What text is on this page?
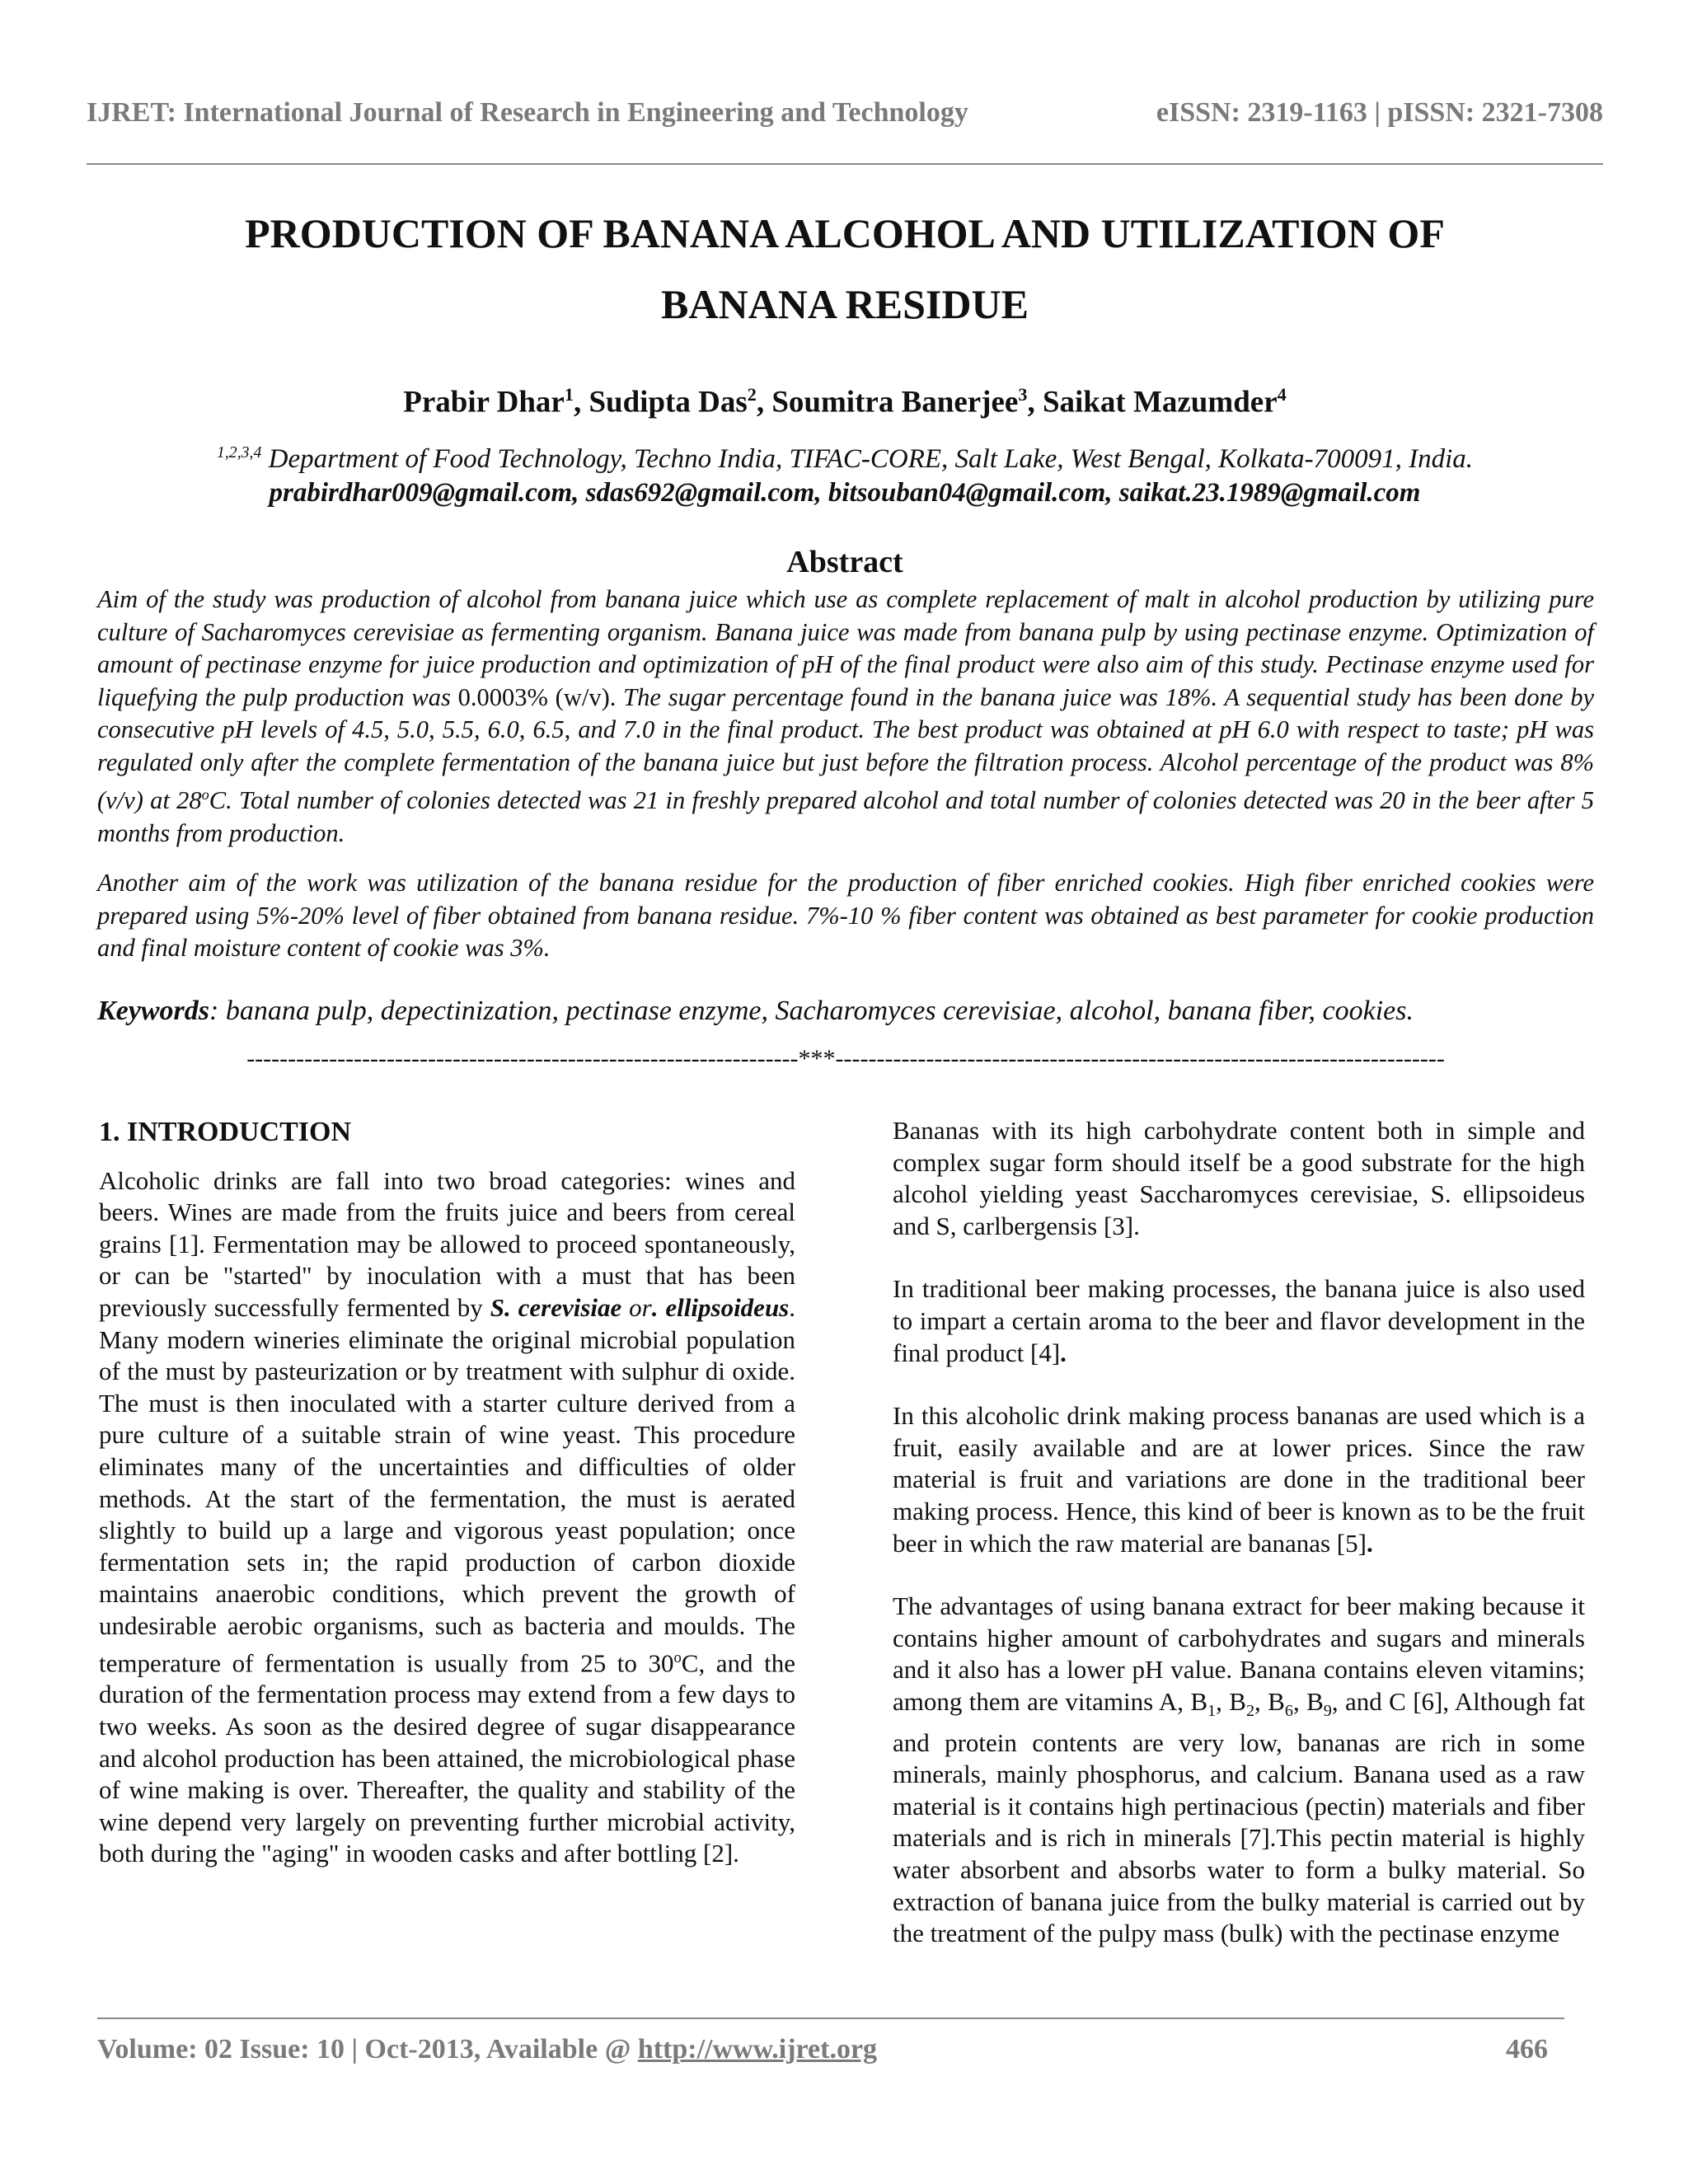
IJRET: International Journal of Research in Engineering and Technology	eISSN: 2319-1163 | pISSN: 2321-7308
PRODUCTION OF BANANA ALCOHOL AND UTILIZATION OF
BANANA RESIDUE
Prabir Dhar$^1$, Sudipta Das$^2$, Soumitra Banerjee$^3$, Saikat Mazumder$^4$
$^{1,2,3,4}$ Department of Food Technology, Techno India, TIFAC-CORE, Salt Lake, West Bengal, Kolkata-700091, India.
prabirdhar009@gmail.com, sdas692@gmail.com, bitsouban04@gmail.com, saikat.23.1989@gmail.com
Abstract

Aim of the study was production of alcohol from banana juice which use as complete replacement of malt in alcohol production by utilizing pure culture of Sacharomyces cerevisiae as fermenting organism. Banana juice was made from banana pulp by using pectinase enzyme. Optimization of amount of pectinase enzyme for juice production and optimization of pH of the final product were also aim of this study. Pectinase enzyme used for liquefying the pulp production was 0.0003% (w/v). The sugar percentage found in the banana juice was 18%. A sequential study has been done by consecutive pH levels of 4.5, 5.0, 5.5, 6.0, 6.5, and 7.0 in the final product. The best product was obtained at pH 6.0 with respect to taste; pH was regulated only after the complete fermentation of the banana juice but just before the filtration process. Alcohol percentage of the product was 8% (v/v) at 28$^o$C. Total number of colonies detected was 21 in freshly prepared alcohol and total number of colonies detected was 20 in the beer after 5 months from production.

Another aim of the work was utilization of the banana residue for the production of fiber enriched cookies. High fiber enriched cookies were prepared using 5%-20% level of fiber obtained from banana residue. 7%-10 % fiber content was obtained as best parameter for cookie production and final moisture content of cookie was 3%.

Keywords: banana pulp, depectinization, pectinase enzyme, Sacharomyces cerevisiae, alcohol, banana fiber, cookies.
-------------------------------------------------------------------***--------------------------------------------------------------------------
1. INTRODUCTION

Alcoholic drinks are fall into two broad categories: wines and beers. Wines are made from the fruits juice and beers from cereal grains [1]. Fermentation may be allowed to proceed spontaneously, or can be "started" by inoculation with a must that has been previously successfully fermented by S. cerevisiae or. ellipsoideus. Many modern wineries eliminate the original microbial population of the must by pasteurization or by treatment with sulphur di oxide. The must is then inoculated with a starter culture derived from a pure culture of a suitable strain of wine yeast. This procedure eliminates many of the uncertainties and difficulties of older methods. At the start of the fermentation, the must is aerated slightly to build up a large and vigorous yeast population; once fermentation sets in; the rapid production of carbon dioxide maintains anaerobic conditions, which prevent the growth of undesirable aerobic organisms, such as bacteria and moulds. The temperature of fermentation is usually from 25 to 30$^o$C, and the duration of the fermentation process may extend from a few days to two weeks. As soon as the desired degree of sugar disappearance and alcohol production has been attained, the microbiological phase of wine making is over. Thereafter, the quality and stability of the wine depend very largely on preventing further microbial activity, both during the "aging" in wooden casks and after bottling [2].

Bananas with its high carbohydrate content both in simple and complex sugar form should itself be a good substrate for the high alcohol yielding yeast Saccharomyces cerevisiae, S. ellipsoideus and S, carlbergensis [3].

In traditional beer making processes, the banana juice is also used to impart a certain aroma to the beer and flavor development in the final product [4].

In this alcoholic drink making process bananas are used which is a fruit, easily available and are at lower prices. Since the raw material is fruit and variations are done in the traditional beer making process. Hence, this kind of beer is known as to be the fruit beer in which the raw material are bananas [5].

The advantages of using banana extract for beer making because it contains higher amount of carbohydrates and sugars and minerals and it also has a lower pH value. Banana contains eleven vitamins; among them are vitamins A, $B_1$, $B_2$, $B_6$, $B_9$, and C [6], Although fat and protein contents are very low, bananas are rich in some minerals, mainly phosphorus, and calcium. Banana used as a raw material is it contains high pertinacious (pectin) materials and fiber materials and is rich in minerals [7].This pectin material is highly water absorbent and absorbs water to form a bulky material. So extraction of banana juice from the bulky material is carried out by the treatment of the pulpy mass (bulk) with the pectinase enzyme

Volume: 02 Issue: 10 | Oct-2013, Available @ http://www.ijret.org	466
